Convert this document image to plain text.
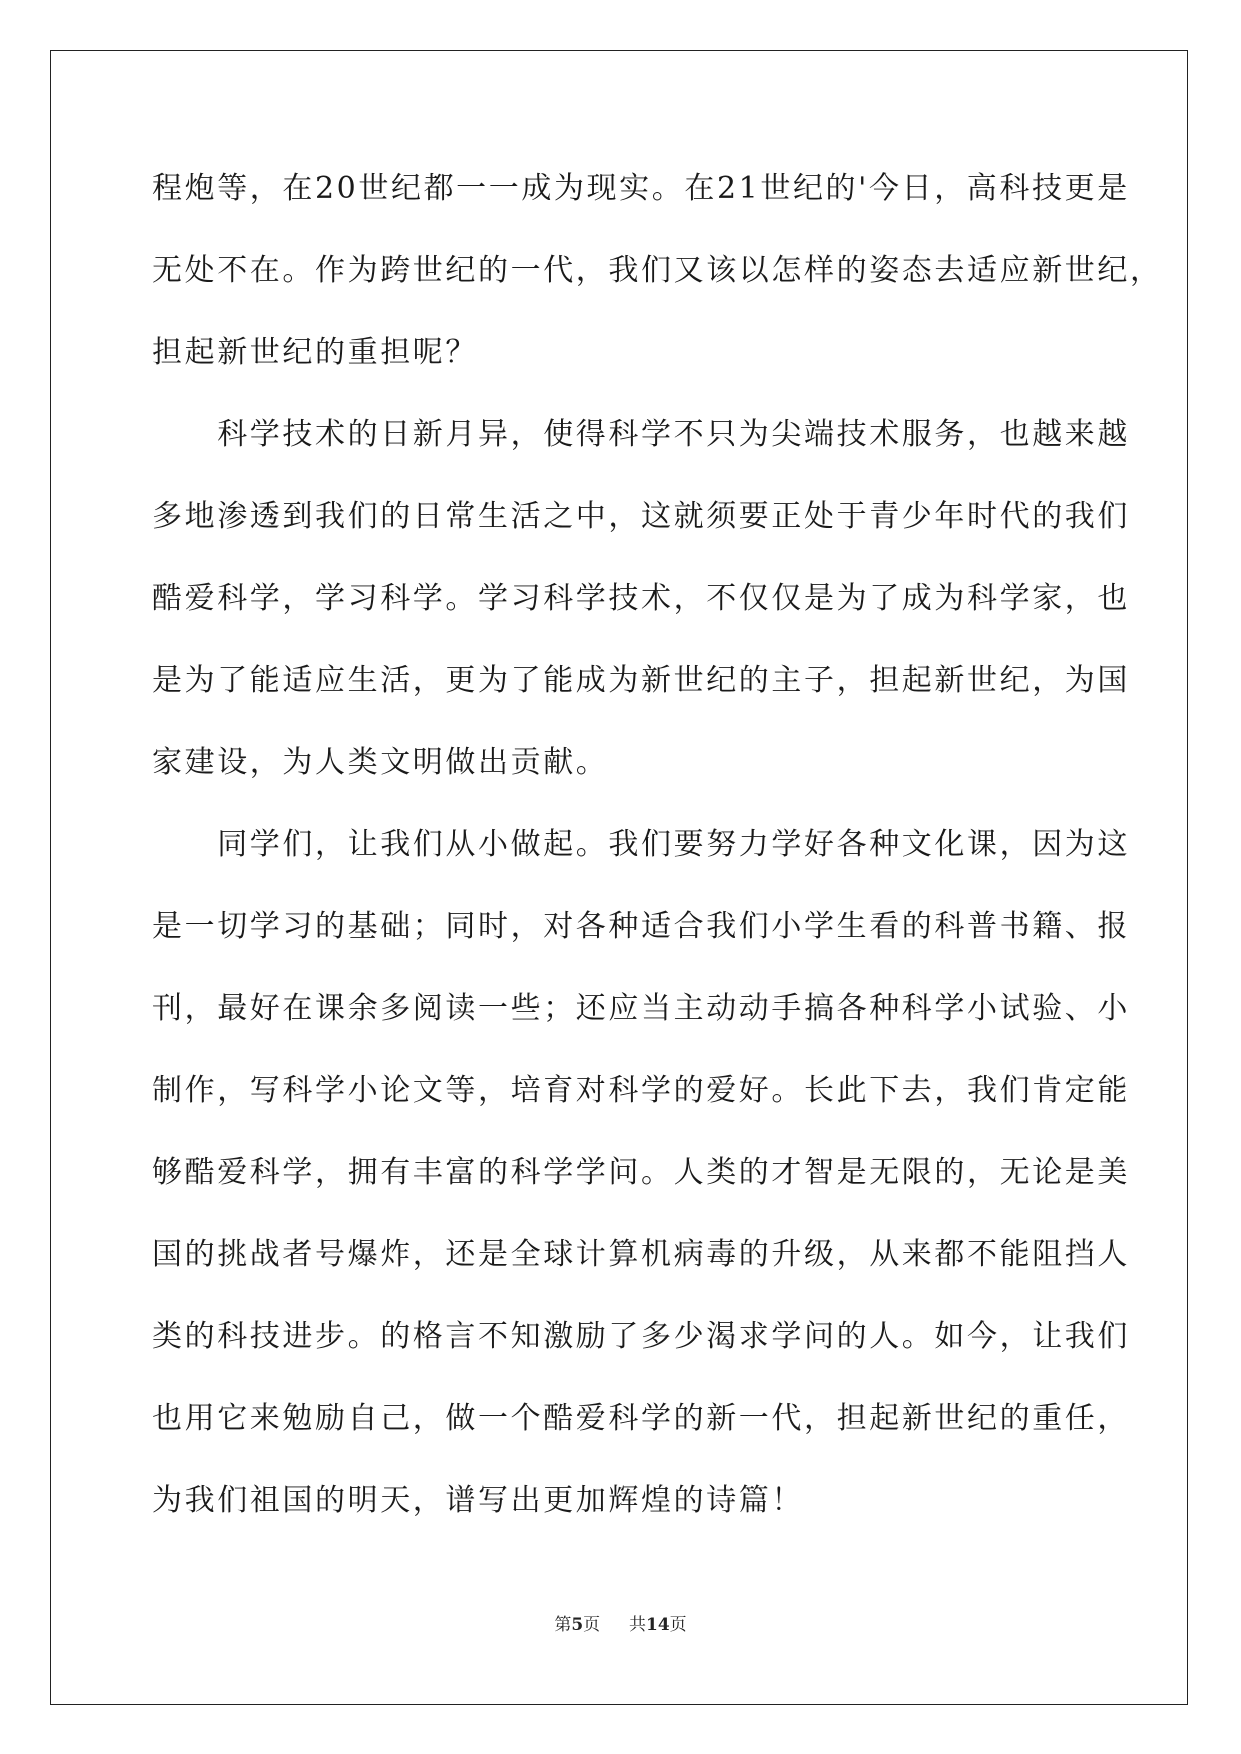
程炮等，在20世纪都一一成为现实。在21世纪的'今日，高科技更是
无处不在。作为跨世纪的一代，我们又该以怎样的姿态去适应新世纪，
担起新世纪的重担呢？
　　科学技术的日新月异，使得科学不只为尖端技术服务，也越来越
多地渗透到我们的日常生活之中，这就须要正处于青少年时代的我们
酷爱科学，学习科学。学习科学技术，不仅仅是为了成为科学家，也
是为了能适应生活，更为了能成为新世纪的主子，担起新世纪，为国
家建设，为人类文明做出贡献。
　　同学们，让我们从小做起。我们要努力学好各种文化课，因为这
是一切学习的基础；同时，对各种适合我们小学生看的科普书籍、报
刊，最好在课余多阅读一些；还应当主动动手搞各种科学小试验、小
制作，写科学小论文等，培育对科学的爱好。长此下去，我们肯定能
够酷爱科学，拥有丰富的科学学问。人类的才智是无限的，无论是美
国的挑战者号爆炸，还是全球计算机病毒的升级，从来都不能阻挡人
类的科技进步。的格言不知激励了多少渴求学问的人。如今，让我们
也用它来勉励自己，做一个酷爱科学的新一代，担起新世纪的重任，
为我们祖国的明天，谱写出更加辉煌的诗篇！
第5页 共14页
